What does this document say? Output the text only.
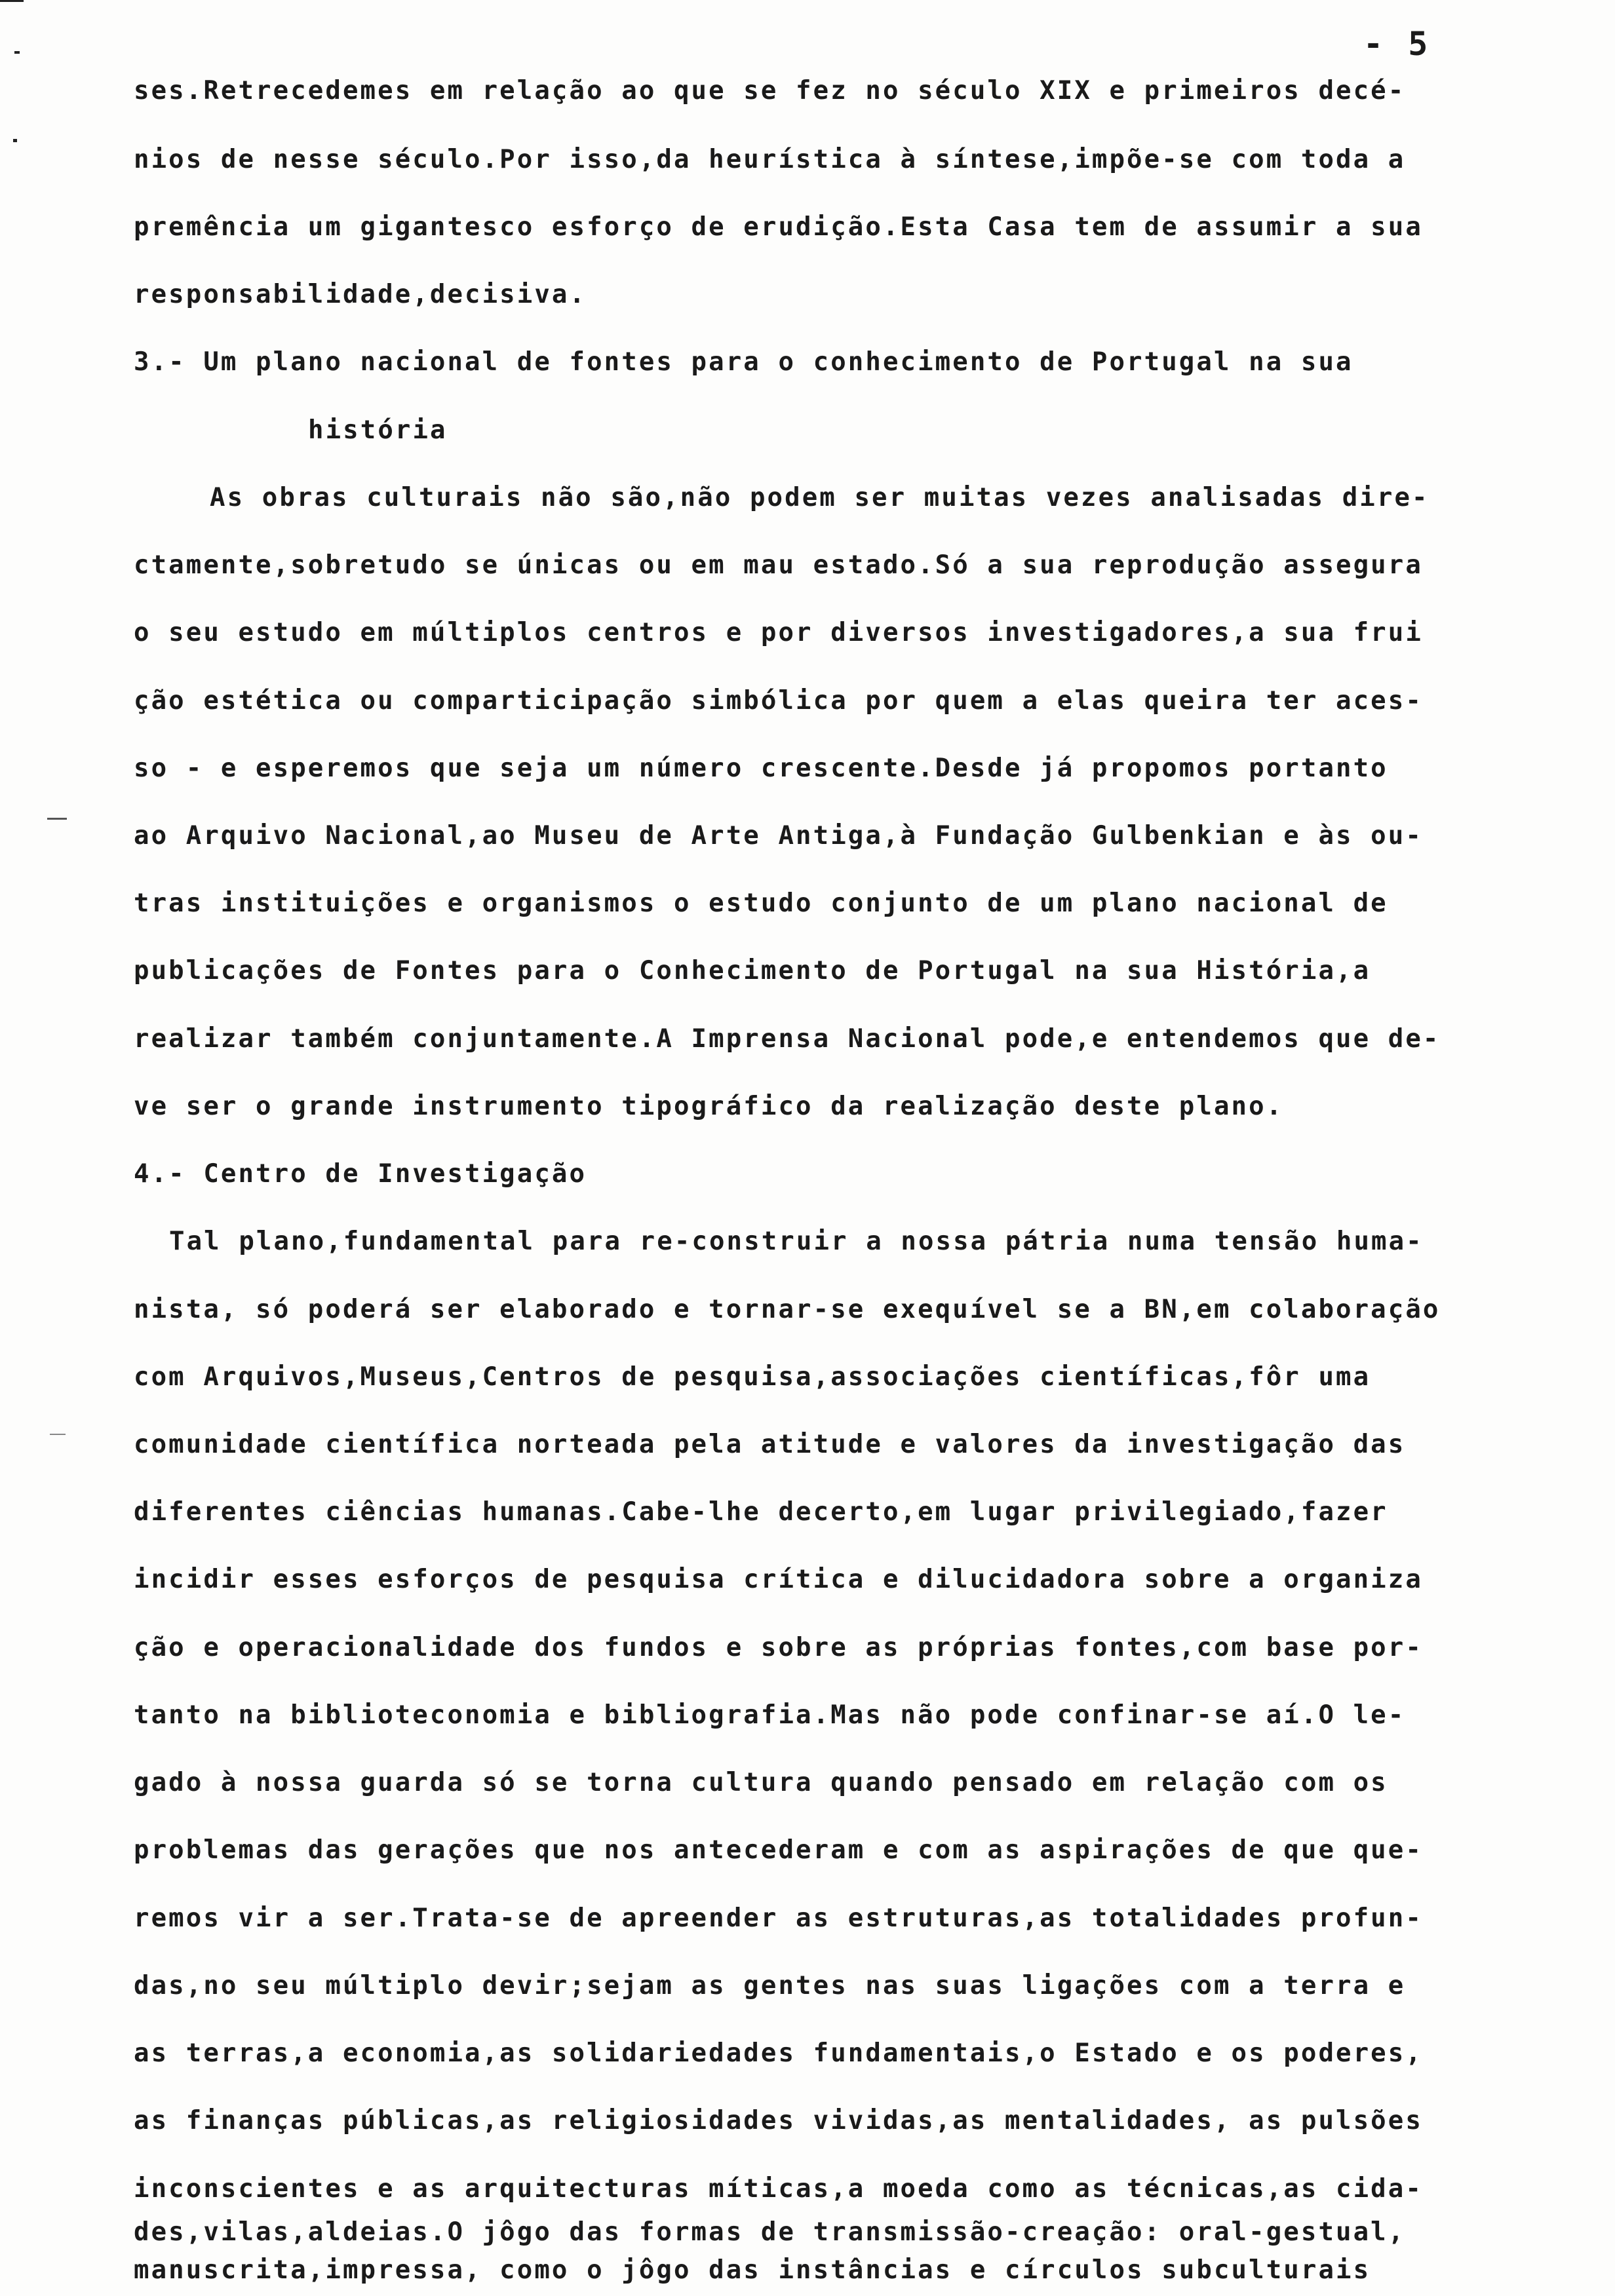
- 5
ses.Retrecedemes em relação ao que se fez no século XIX e primeiros decé-
nios de nesse século.Por isso,da heurística à síntese,impõe-se com toda a
premência um gigantesco esforço de erudição.Esta Casa tem de assumir a sua
responsabilidade,decisiva.
3.- Um plano nacional de fontes para o conhecimento de Portugal na sua
história
As obras culturais não são,não podem ser muitas vezes analisadas dire-
ctamente,sobretudo se únicas ou em mau estado.Só a sua reprodução assegura
o seu estudo em múltiplos centros e por diversos investigadores,a sua frui
ção estética ou comparticipação simbólica por quem a elas queira ter aces-
so - e esperemos que seja um número crescente.Desde já propomos portanto
ao Arquivo Nacional,ao Museu de Arte Antiga,à Fundação Gulbenkian e às ou-
tras instituições e organismos o estudo conjunto de um plano nacional de
publicações de Fontes para o Conhecimento de Portugal na sua História,a
realizar também conjuntamente.A Imprensa Nacional pode,e entendemos que de-
ve ser o grande instrumento tipográfico da realização deste plano.
4.- Centro de Investigação
Tal plano,fundamental para re-construir a nossa pátria numa tensão huma-
nista, só poderá ser elaborado e tornar-se exequível se a BN,em colaboração
com Arquivos,Museus,Centros de pesquisa,associações científicas,fôr uma
comunidade científica norteada pela atitude e valores da investigação das
diferentes ciências humanas.Cabe-lhe decerto,em lugar privilegiado,fazer
incidir esses esforços de pesquisa crítica e dilucidadora sobre a organiza
ção e operacionalidade dos fundos e sobre as próprias fontes,com base por-
tanto na biblioteconomia e bibliografia.Mas não pode confinar-se aí.O le-
gado à nossa guarda só se torna cultura quando pensado em relação com os
problemas das gerações que nos antecederam e com as aspirações de que que-
remos vir a ser.Trata-se de apreender as estruturas,as totalidades profun-
das,no seu múltiplo devir;sejam as gentes nas suas ligações com a terra e
as terras,a economia,as solidariedades fundamentais,o Estado e os poderes,
as finanças públicas,as religiosidades vividas,as mentalidades, as pulsões
inconscientes e as arquitecturas míticas,a moeda como as técnicas,as cida-
des,vilas,aldeias.O jôgo das formas de transmissão-creação: oral-gestual,
manuscrita,impressa, como o jôgo das instâncias e círculos subculturais
